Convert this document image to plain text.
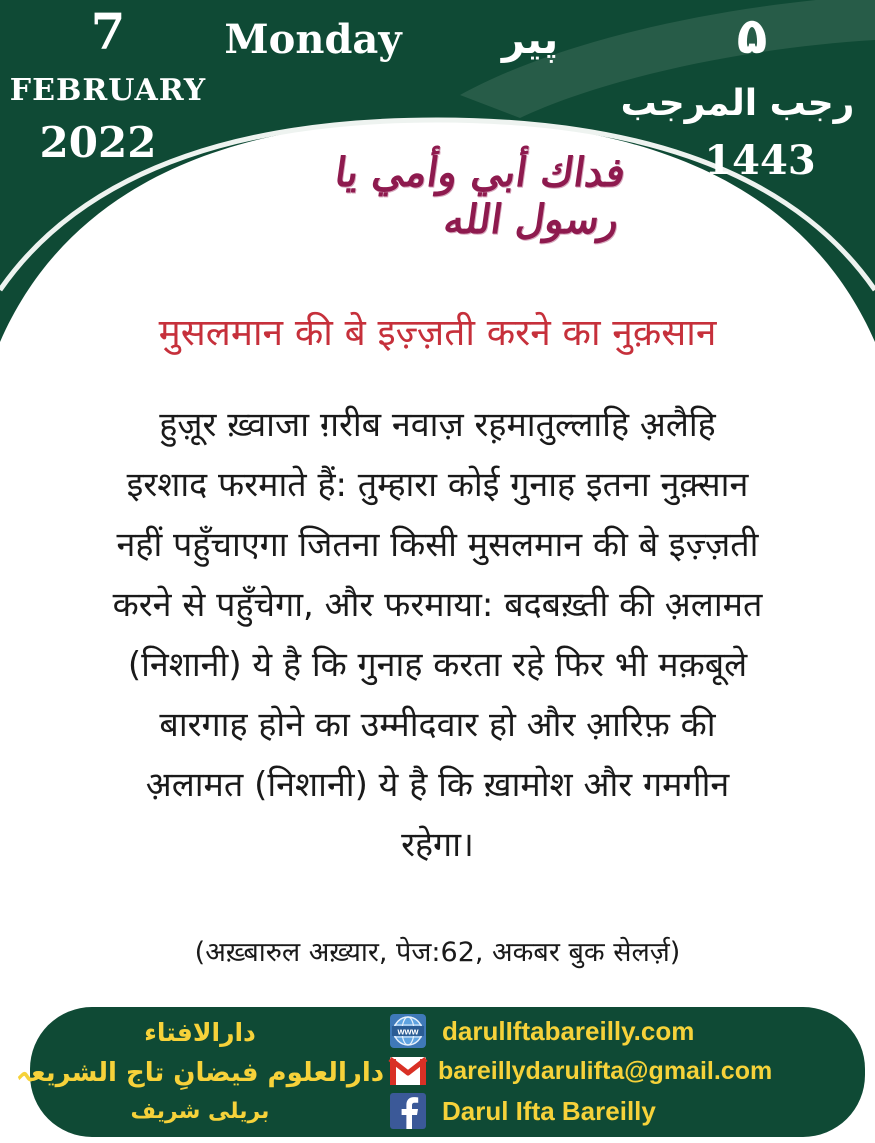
7
FEBRUARY
2022
Monday	پیر	۵
رجب المرجب
1443
فداك أبي وأمي يا رسول الله
मुसलमान की बे इज़्ज़ती करने का नुक़सान
हुज़ूर ख़्वाजा ग़रीब नवाज़ रह़मातुल्लाहि अ़लैहि
इरशाद फरमाते हैं: तुम्हारा कोई गुनाह इतना नुक़्सान
नहीं पहुँचाएगा जितना किसी मुसलमान की बे इज़्ज़ती
करने से पहुँचेगा, और फरमाया: बदबख़्ती की अ़लामत
(निशानी) ये है कि गुनाह करता रहे फिर भी मक़बूले
बारगाह होने का उम्मीदवार हो और आ़रिफ़ की
अ़लामत (निशानी) ये है कि ख़ामोश और गमगीन
रहेगा।
(अख़्बारुल अख़्यार, पेज:62, अकबर बुक सेलर्ज़)
دارالافتاء
دارالعلوم فیضانِ تاج الشریعہ
بریلی شریف
www darulIftabareilly.com
bareillydarulifta@gmail.com
Darul Ifta Bareilly
